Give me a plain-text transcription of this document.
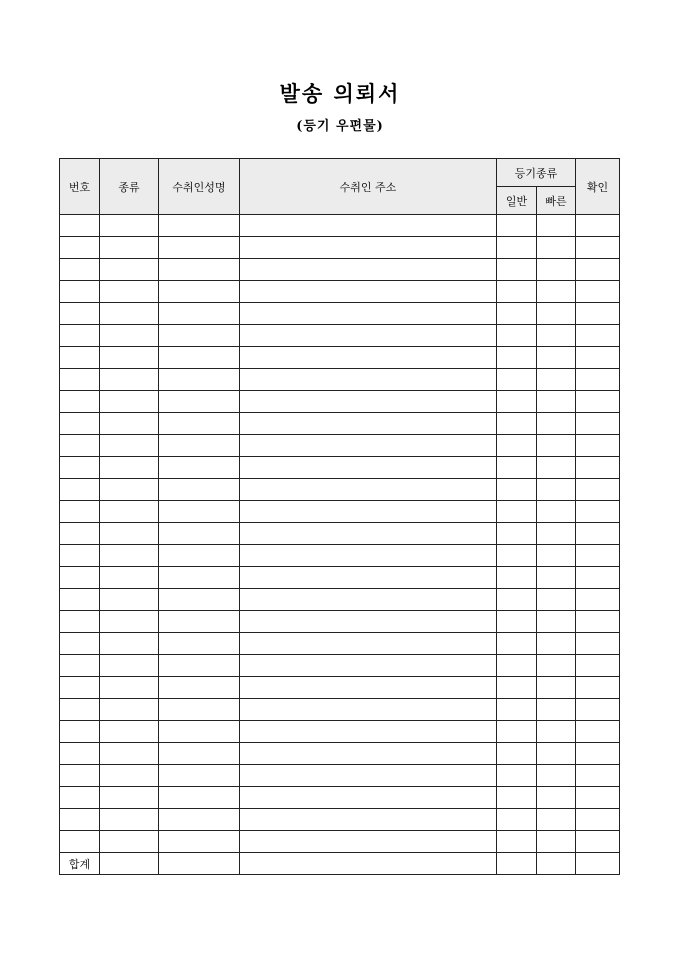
발송 의뢰서
(등기 우편물)
번호	종류	수취인성명	수취인 주소	등기종류		확인
				일반	빠른	

합계						
